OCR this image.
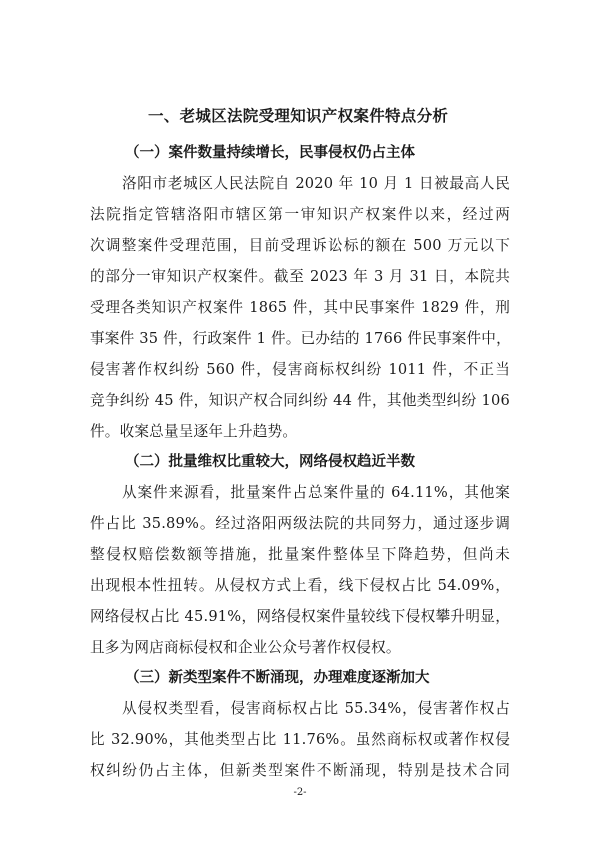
一、老城区法院受理知识产权案件特点分析
（一）案件数量持续增长，民事侵权仍占主体
洛阳市老城区人民法院自 2020 年 10 月 1 日被最高人民
法院指定管辖洛阳市辖区第一审知识产权案件以来，经过两
次调整案件受理范围，目前受理诉讼标的额在 500 万元以下
的部分一审知识产权案件。截至 2023 年 3 月 31 日，本院共
受理各类知识产权案件 1865 件，其中民事案件 1829 件，刑
事案件 35 件，行政案件 1 件。已办结的 1766 件民事案件中，
侵害著作权纠纷 560 件，侵害商标权纠纷 1011 件，不正当
竞争纠纷 45 件，知识产权合同纠纷 44 件，其他类型纠纷 106
件。收案总量呈逐年上升趋势。
（二）批量维权比重较大，网络侵权趋近半数
从案件来源看，批量案件占总案件量的 64.11%，其他案
件占比 35.89%。经过洛阳两级法院的共同努力，通过逐步调
整侵权赔偿数额等措施，批量案件整体呈下降趋势，但尚未
出现根本性扭转。从侵权方式上看，线下侵权占比 54.09%，
网络侵权占比 45.91%，网络侵权案件量较线下侵权攀升明显，
且多为网店商标侵权和企业公众号著作权侵权。
（三）新类型案件不断涌现，办理难度逐渐加大
从侵权类型看，侵害商标权占比 55.34%，侵害著作权占
比 32.90%，其他类型占比 11.76%。虽然商标权或著作权侵
权纠纷仍占主体，但新类型案件不断涌现，特别是技术合同
-2-
